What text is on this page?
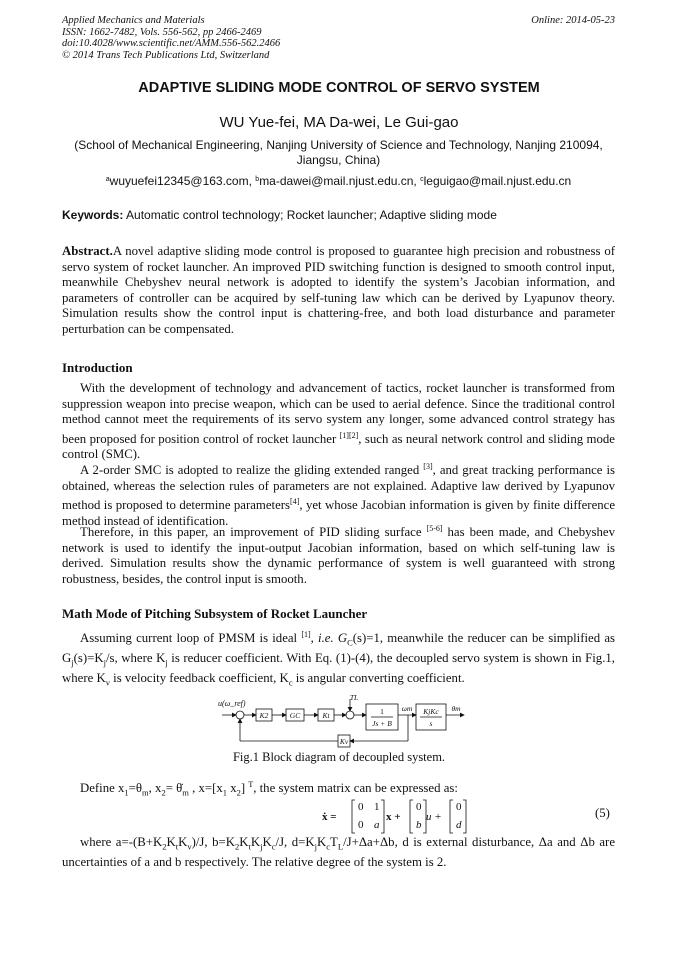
Applied Mechanics and Materials
ISSN: 1662-7482, Vols. 556-562, pp 2466-2469
doi:10.4028/www.scientific.net/AMM.556-562.2466
© 2014 Trans Tech Publications Ltd, Switzerland
Online: 2014-05-23
ADAPTIVE SLIDING MODE CONTROL OF SERVO SYSTEM
WU Yue-fei, MA Da-wei, Le Gui-gao
(School of Mechanical Engineering, Nanjing University of Science and Technology, Nanjing 210094, Jiangsu, China)
$^a$wuyuefei12345@163.com, $^b$ma-dawei@mail.njust.edu.cn, $^c$leguigao@mail.njust.edu.cn
Keywords: Automatic control technology; Rocket launcher; Adaptive sliding mode
Abstract.A novel adaptive sliding mode control is proposed to guarantee high precision and robustness of servo system of rocket launcher. An improved PID switching function is designed to smooth control input, meanwhile Chebyshev neural network is adopted to identify the system’s Jacobian information, and parameters of controller can be acquired by self-tuning law which can be derived by Lyapunov theory. Simulation results show the control input is chattering-free, and both load disturbance and parameter perturbation can be compensated.
Introduction
With the development of technology and advancement of tactics, rocket launcher is transformed from suppression weapon into precise weapon, which can be used to aerial defence. Since the traditional control method cannot meet the requirements of its servo system any longer, some advanced control strategy has been proposed for position control of rocket launcher [1][2], such as neural network control and sliding mode control (SMC).
A 2-order SMC is adopted to realize the gliding extended ranged [3], and great tracking performance is obtained, whereas the selection rules of parameters are not explained. Adaptive law derived by Lyapunov method is proposed to determine parameters[4], yet whose Jacobian information is given by finite difference method instead of identification.
Therefore, in this paper, an improvement of PID sliding surface [5-6] has been made, and Chebyshev network is used to identify the input-output Jacobian information, based on which self-tuning law is derived. Simulation results show the dynamic performance of system is well guaranteed with strong robustness, besides, the control input is smooth.
Math Mode of Pitching Subsystem of Rocket Launcher
Assuming current loop of PMSM is ideal [1], i.e. $G_C(s)=1$, meanwhile the reducer can be simplified as $G_j(s)=K_j/s$, where $K_j$ is reducer coefficient. With Eq. (1)-(4), the decoupled servo system is shown in Fig.1, where $K_v$ is velocity feedback coefficient, $K_c$ is angular converting coefficient.
u(ω_ref)
K2	GC	Kt
TL
1
Js + B
ωm KjKc
s
θm
Kv
Fig.1 Block diagram of decoupled system.
Define $x_1=\theta_m$, $x_2=$ $\thetȧ_m$ , $x=[x_1$ $x_2$] $^T$, the system matrix can be expressed as:
ẋ =
0 1
0 a
x +
0
b
u +
0
d
(5)
where $a=-(B+K_2K_tK_v)/J$, $b=K_2K_tK_jK_c/J$, $d=K_jK_cT_L/J+\Delta a+\Delta b$, d is external disturbance, Δa and Δb are uncertainties of a and b respectively. The relative degree of the system is 2.
